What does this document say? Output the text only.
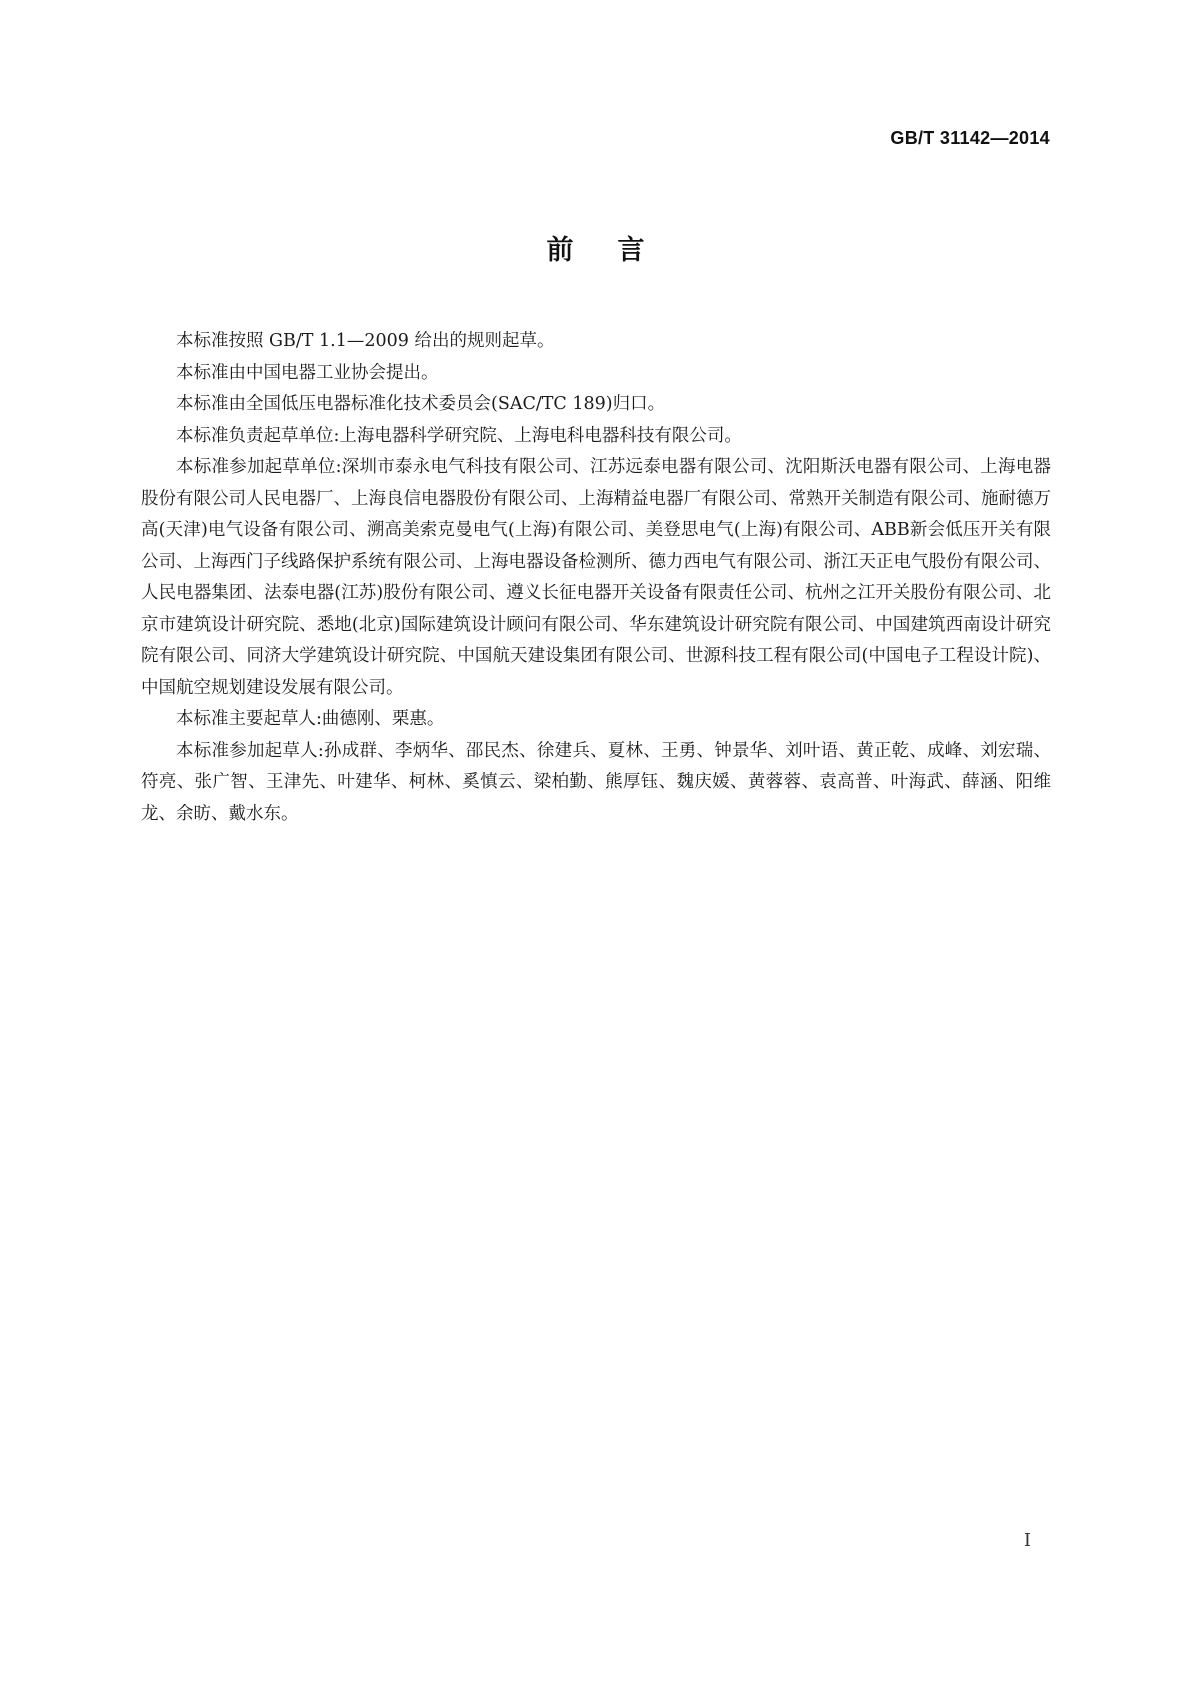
GB/T 31142—2014
前言

本标准按照 GB/T 1.1—2009 给出的规则起草。

本标准由中国电器工业协会提出。

本标准由全国低压电器标准化技术委员会(SAC/TC 189)归口。

本标准负责起草单位:上海电器科学研究院、上海电科电器科技有限公司。

本标准参加起草单位:深圳市泰永电气科技有限公司、江苏远泰电器有限公司、沈阳斯沃电器有限公司、上海电器股份有限公司人民电器厂、上海良信电器股份有限公司、上海精益电器厂有限公司、常熟开关制造有限公司、施耐德万高(天津)电气设备有限公司、溯高美索克曼电气(上海)有限公司、美登思电气(上海)有限公司、ABB新会低压开关有限公司、上海西门子线路保护系统有限公司、上海电器设备检测所、德力西电气有限公司、浙江天正电气股份有限公司、人民电器集团、法泰电器(江苏)股份有限公司、遵义长征电器开关设备有限责任公司、杭州之江开关股份有限公司、北京市建筑设计研究院、悉地(北京)国际建筑设计顾问有限公司、华东建筑设计研究院有限公司、中国建筑西南设计研究院有限公司、同济大学建筑设计研究院、中国航天建设集团有限公司、世源科技工程有限公司(中国电子工程设计院)、中国航空规划建设发展有限公司。

本标准主要起草人:曲德刚、栗惠。

本标准参加起草人:孙成群、李炳华、邵民杰、徐建兵、夏林、王勇、钟景华、刘叶语、黄正乾、成峰、刘宏瑞、符亮、张广智、王津先、叶建华、柯林、奚慎云、梁柏勤、熊厚钰、魏庆媛、黄蓉蓉、袁高普、叶海武、薛涵、阳维龙、余昉、戴水东。

I
